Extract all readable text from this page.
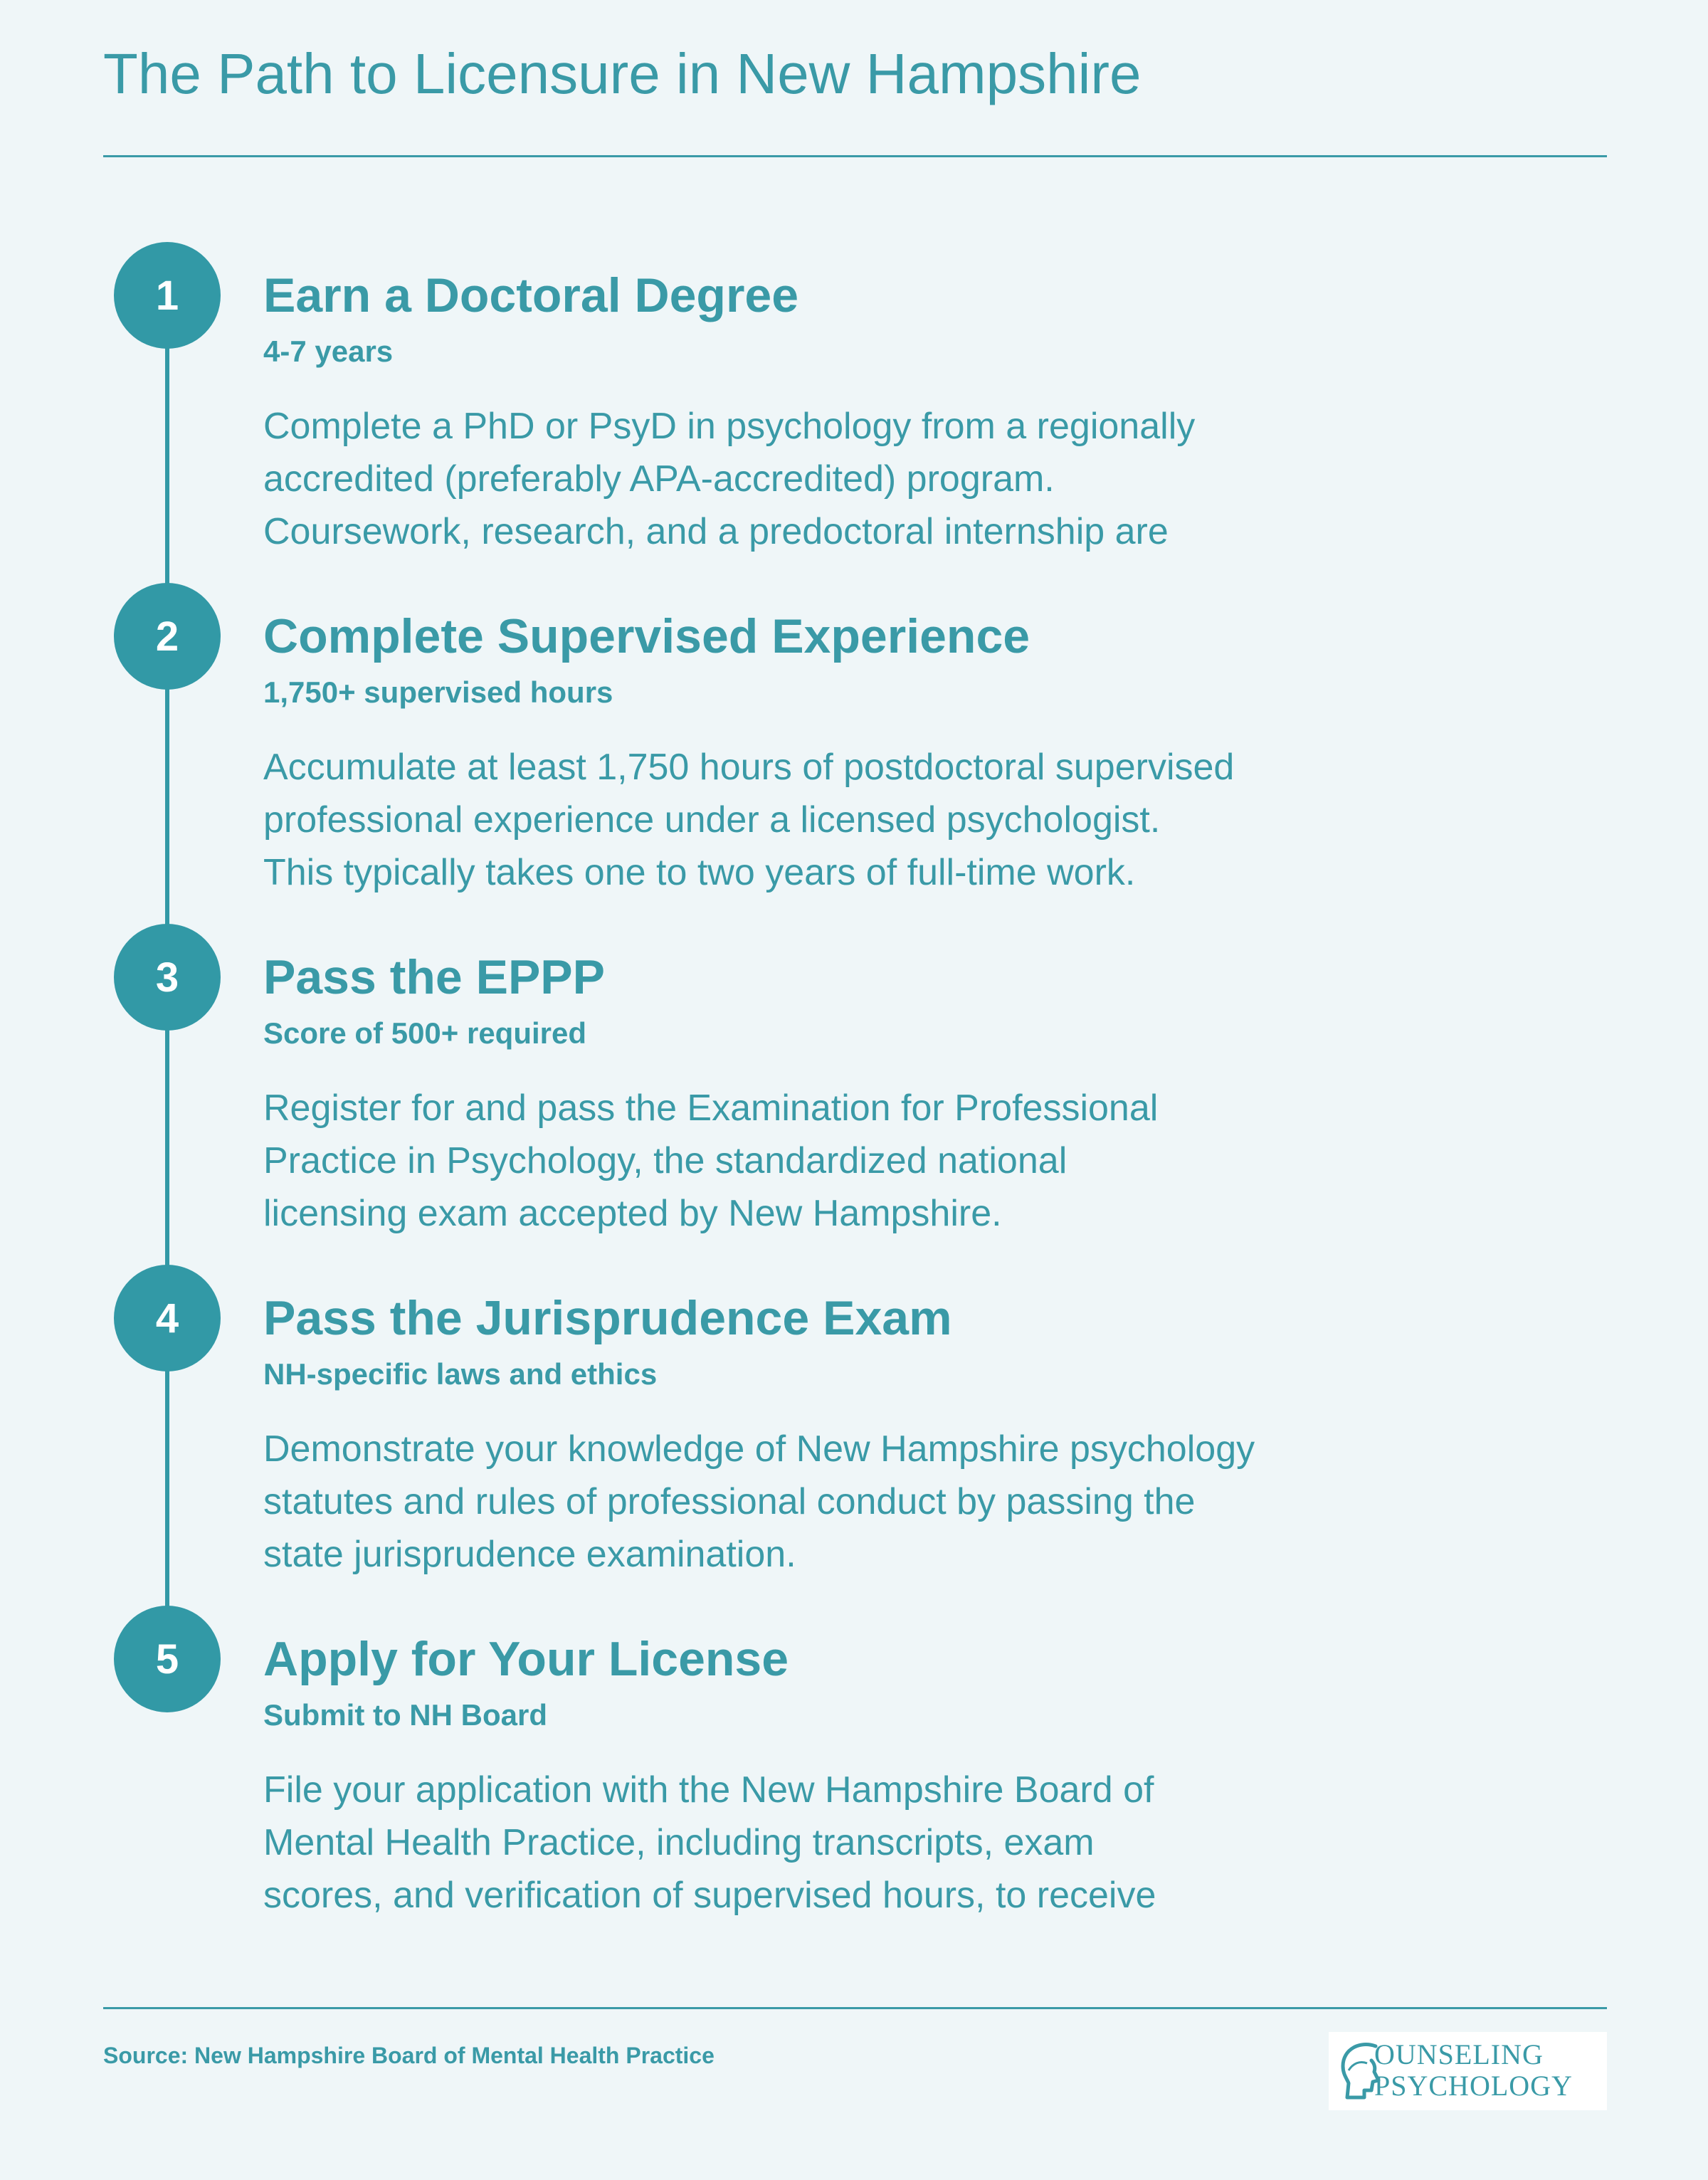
The Path to Licensure in New Hampshire
1	Earn a Doctoral Degree
4-7 years

Complete a PhD or PsyD in psychology from a regionally
accredited (preferably APA-accredited) program.
Coursework, research, and a predoctoral internship are

2	Complete Supervised Experience
1,750+ supervised hours

Accumulate at least 1,750 hours of postdoctoral supervised
professional experience under a licensed psychologist.
This typically takes one to two years of full-time work.

3	Pass the EPPP
Score of 500+ required

Register for and pass the Examination for Professional
Practice in Psychology, the standardized national
licensing exam accepted by New Hampshire.

4	Pass the Jurisprudence Exam
NH-specific laws and ethics

Demonstrate your knowledge of New Hampshire psychology
statutes and rules of professional conduct by passing the
state jurisprudence examination.

5	Apply for Your License
Submit to NH Board

File your application with the New Hampshire Board of
Mental Health Practice, including transcripts, exam
scores, and verification of supervised hours, to receive

Source: New Hampshire Board of Mental Health Practice	OUNSELING
PSYCHOLOGY
